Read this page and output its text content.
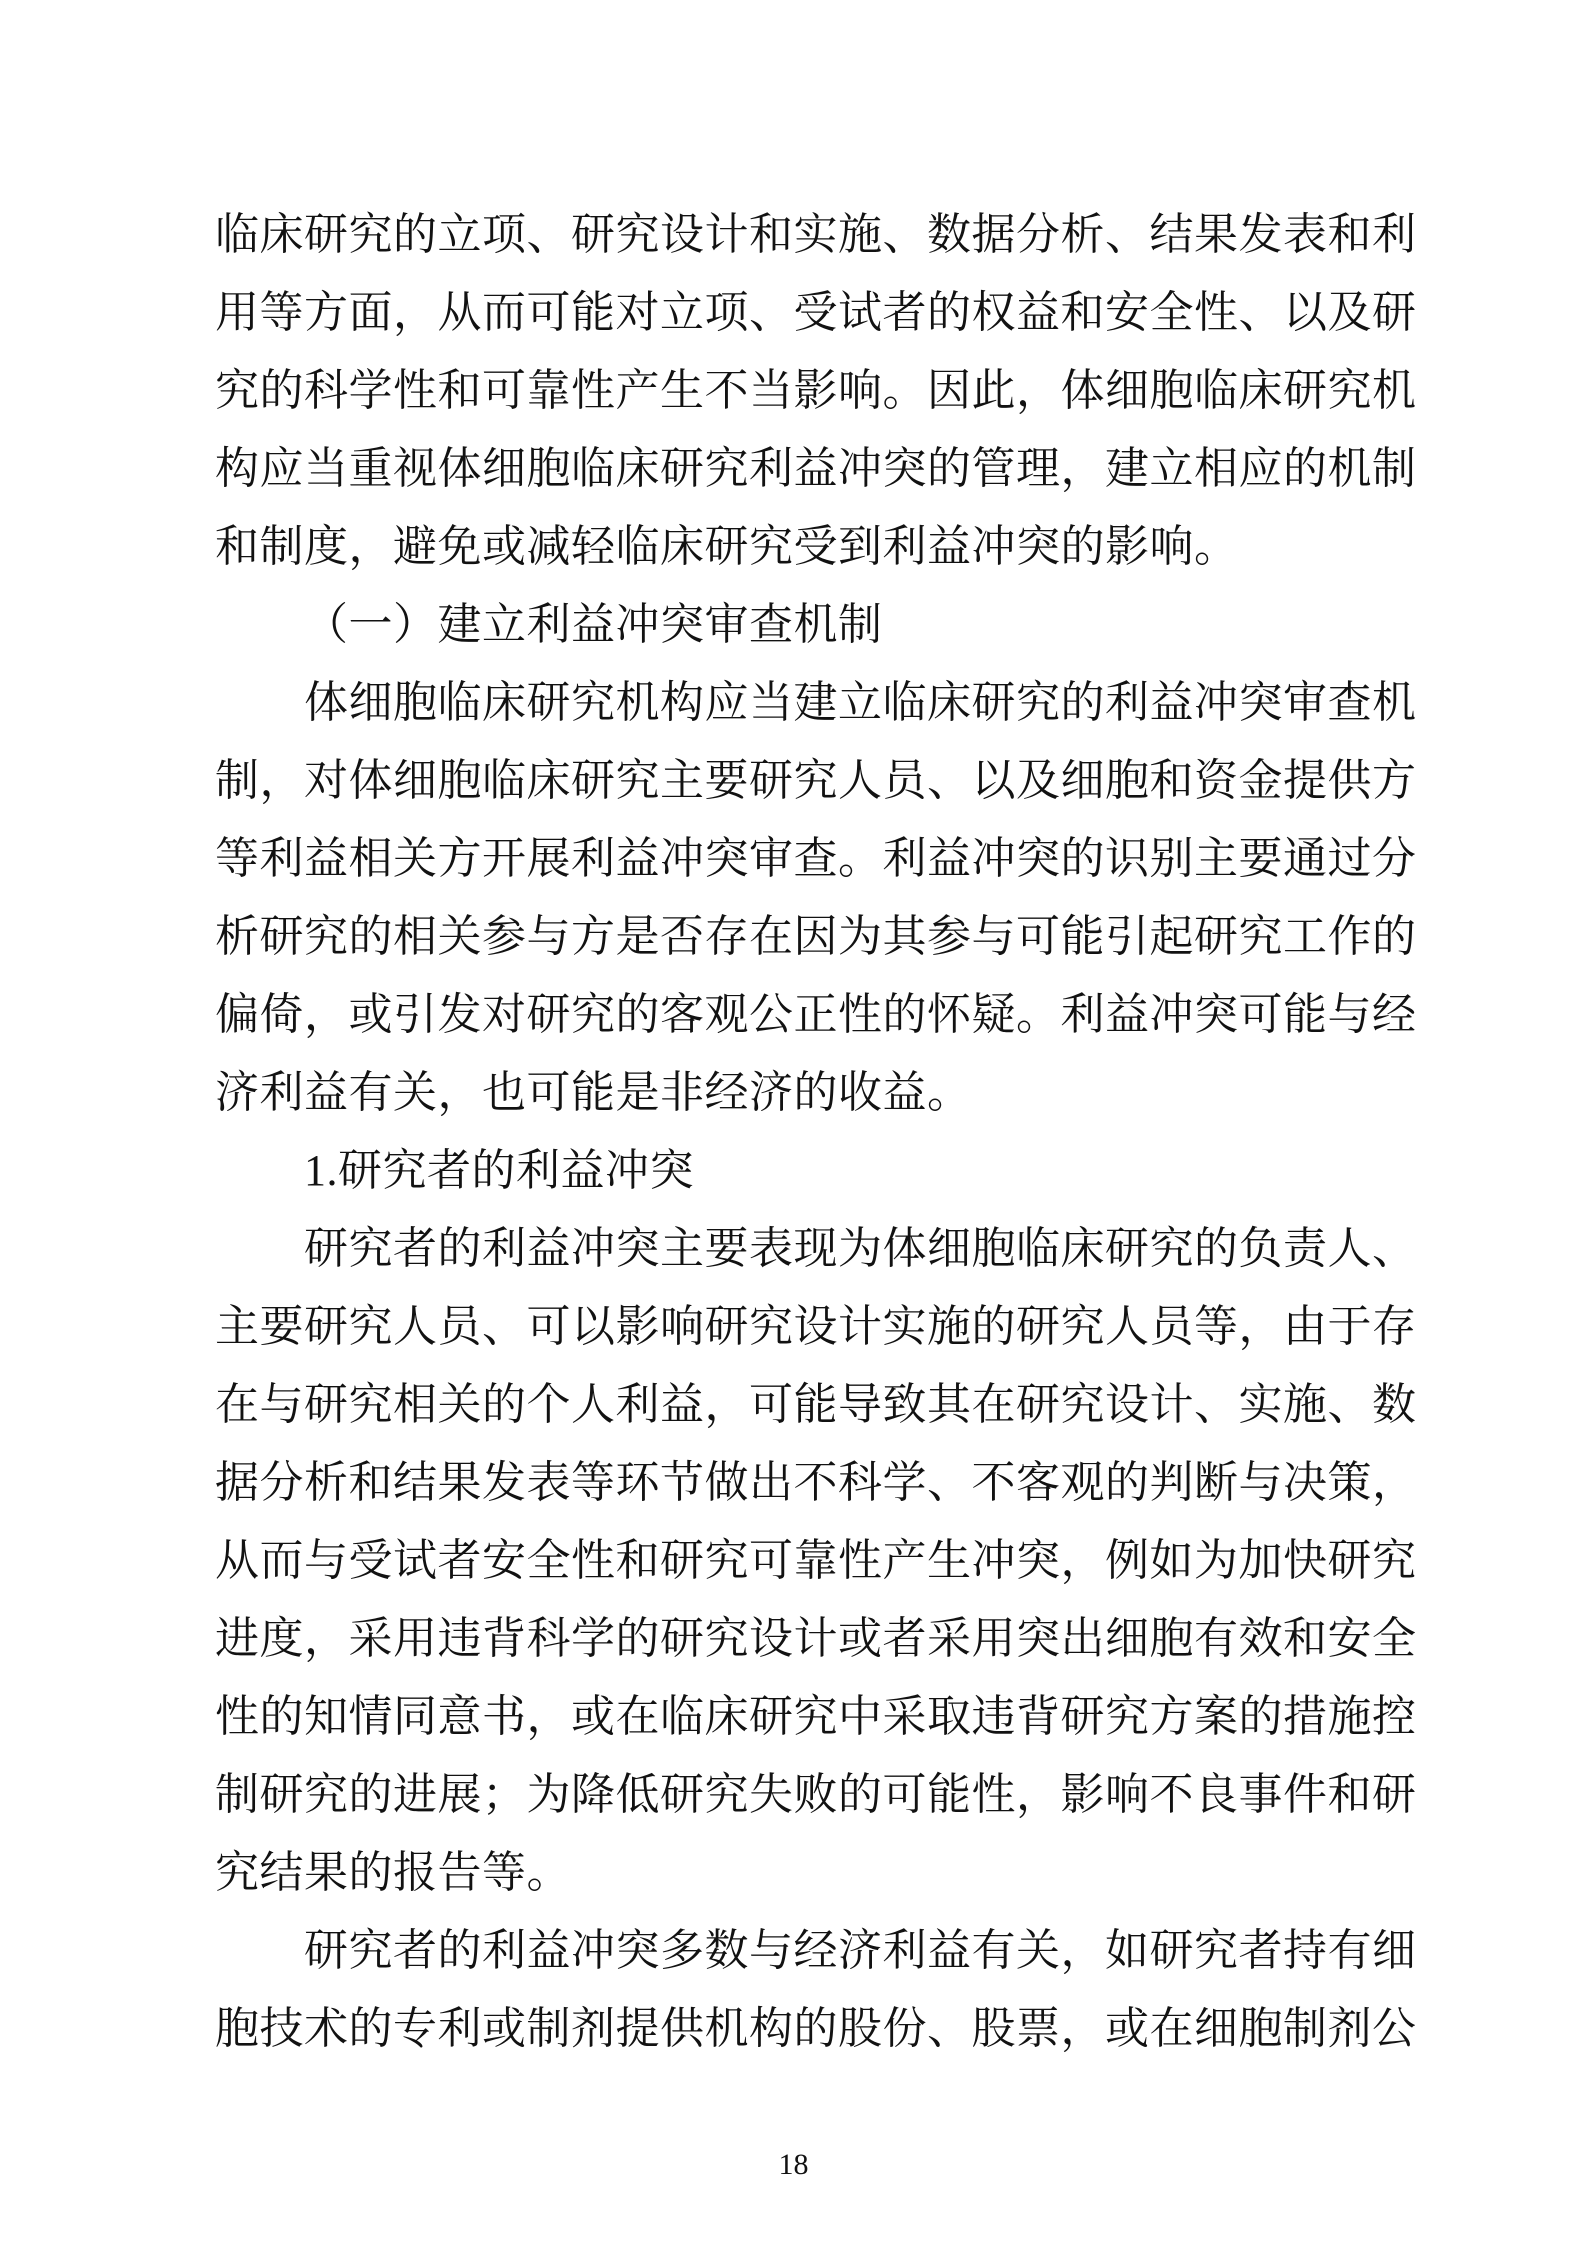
临床研究的立项、研究设计和实施、数据分析、结果发表和利
用等方面，从而可能对立项、受试者的权益和安全性、以及研
究的科学性和可靠性产生不当影响。因此，体细胞临床研究机
构应当重视体细胞临床研究利益冲突的管理，建立相应的机制
和制度，避免或减轻临床研究受到利益冲突的影响。
（一）建立利益冲突审查机制
体细胞临床研究机构应当建立临床研究的利益冲突审查机
制，对体细胞临床研究主要研究人员、以及细胞和资金提供方
等利益相关方开展利益冲突审查。利益冲突的识别主要通过分
析研究的相关参与方是否存在因为其参与可能引起研究工作的
偏倚，或引发对研究的客观公正性的怀疑。利益冲突可能与经
济利益有关，也可能是非经济的收益。
1.研究者的利益冲突
研究者的利益冲突主要表现为体细胞临床研究的负责人、
主要研究人员、可以影响研究设计实施的研究人员等，由于存
在与研究相关的个人利益，可能导致其在研究设计、实施、数
据分析和结果发表等环节做出不科学、不客观的判断与决策，
从而与受试者安全性和研究可靠性产生冲突，例如为加快研究
进度，采用违背科学的研究设计或者采用突出细胞有效和安全
性的知情同意书，或在临床研究中采取违背研究方案的措施控
制研究的进展；为降低研究失败的可能性，影响不良事件和研
究结果的报告等。
研究者的利益冲突多数与经济利益有关，如研究者持有细
胞技术的专利或制剂提供机构的股份、股票，或在细胞制剂公
18
